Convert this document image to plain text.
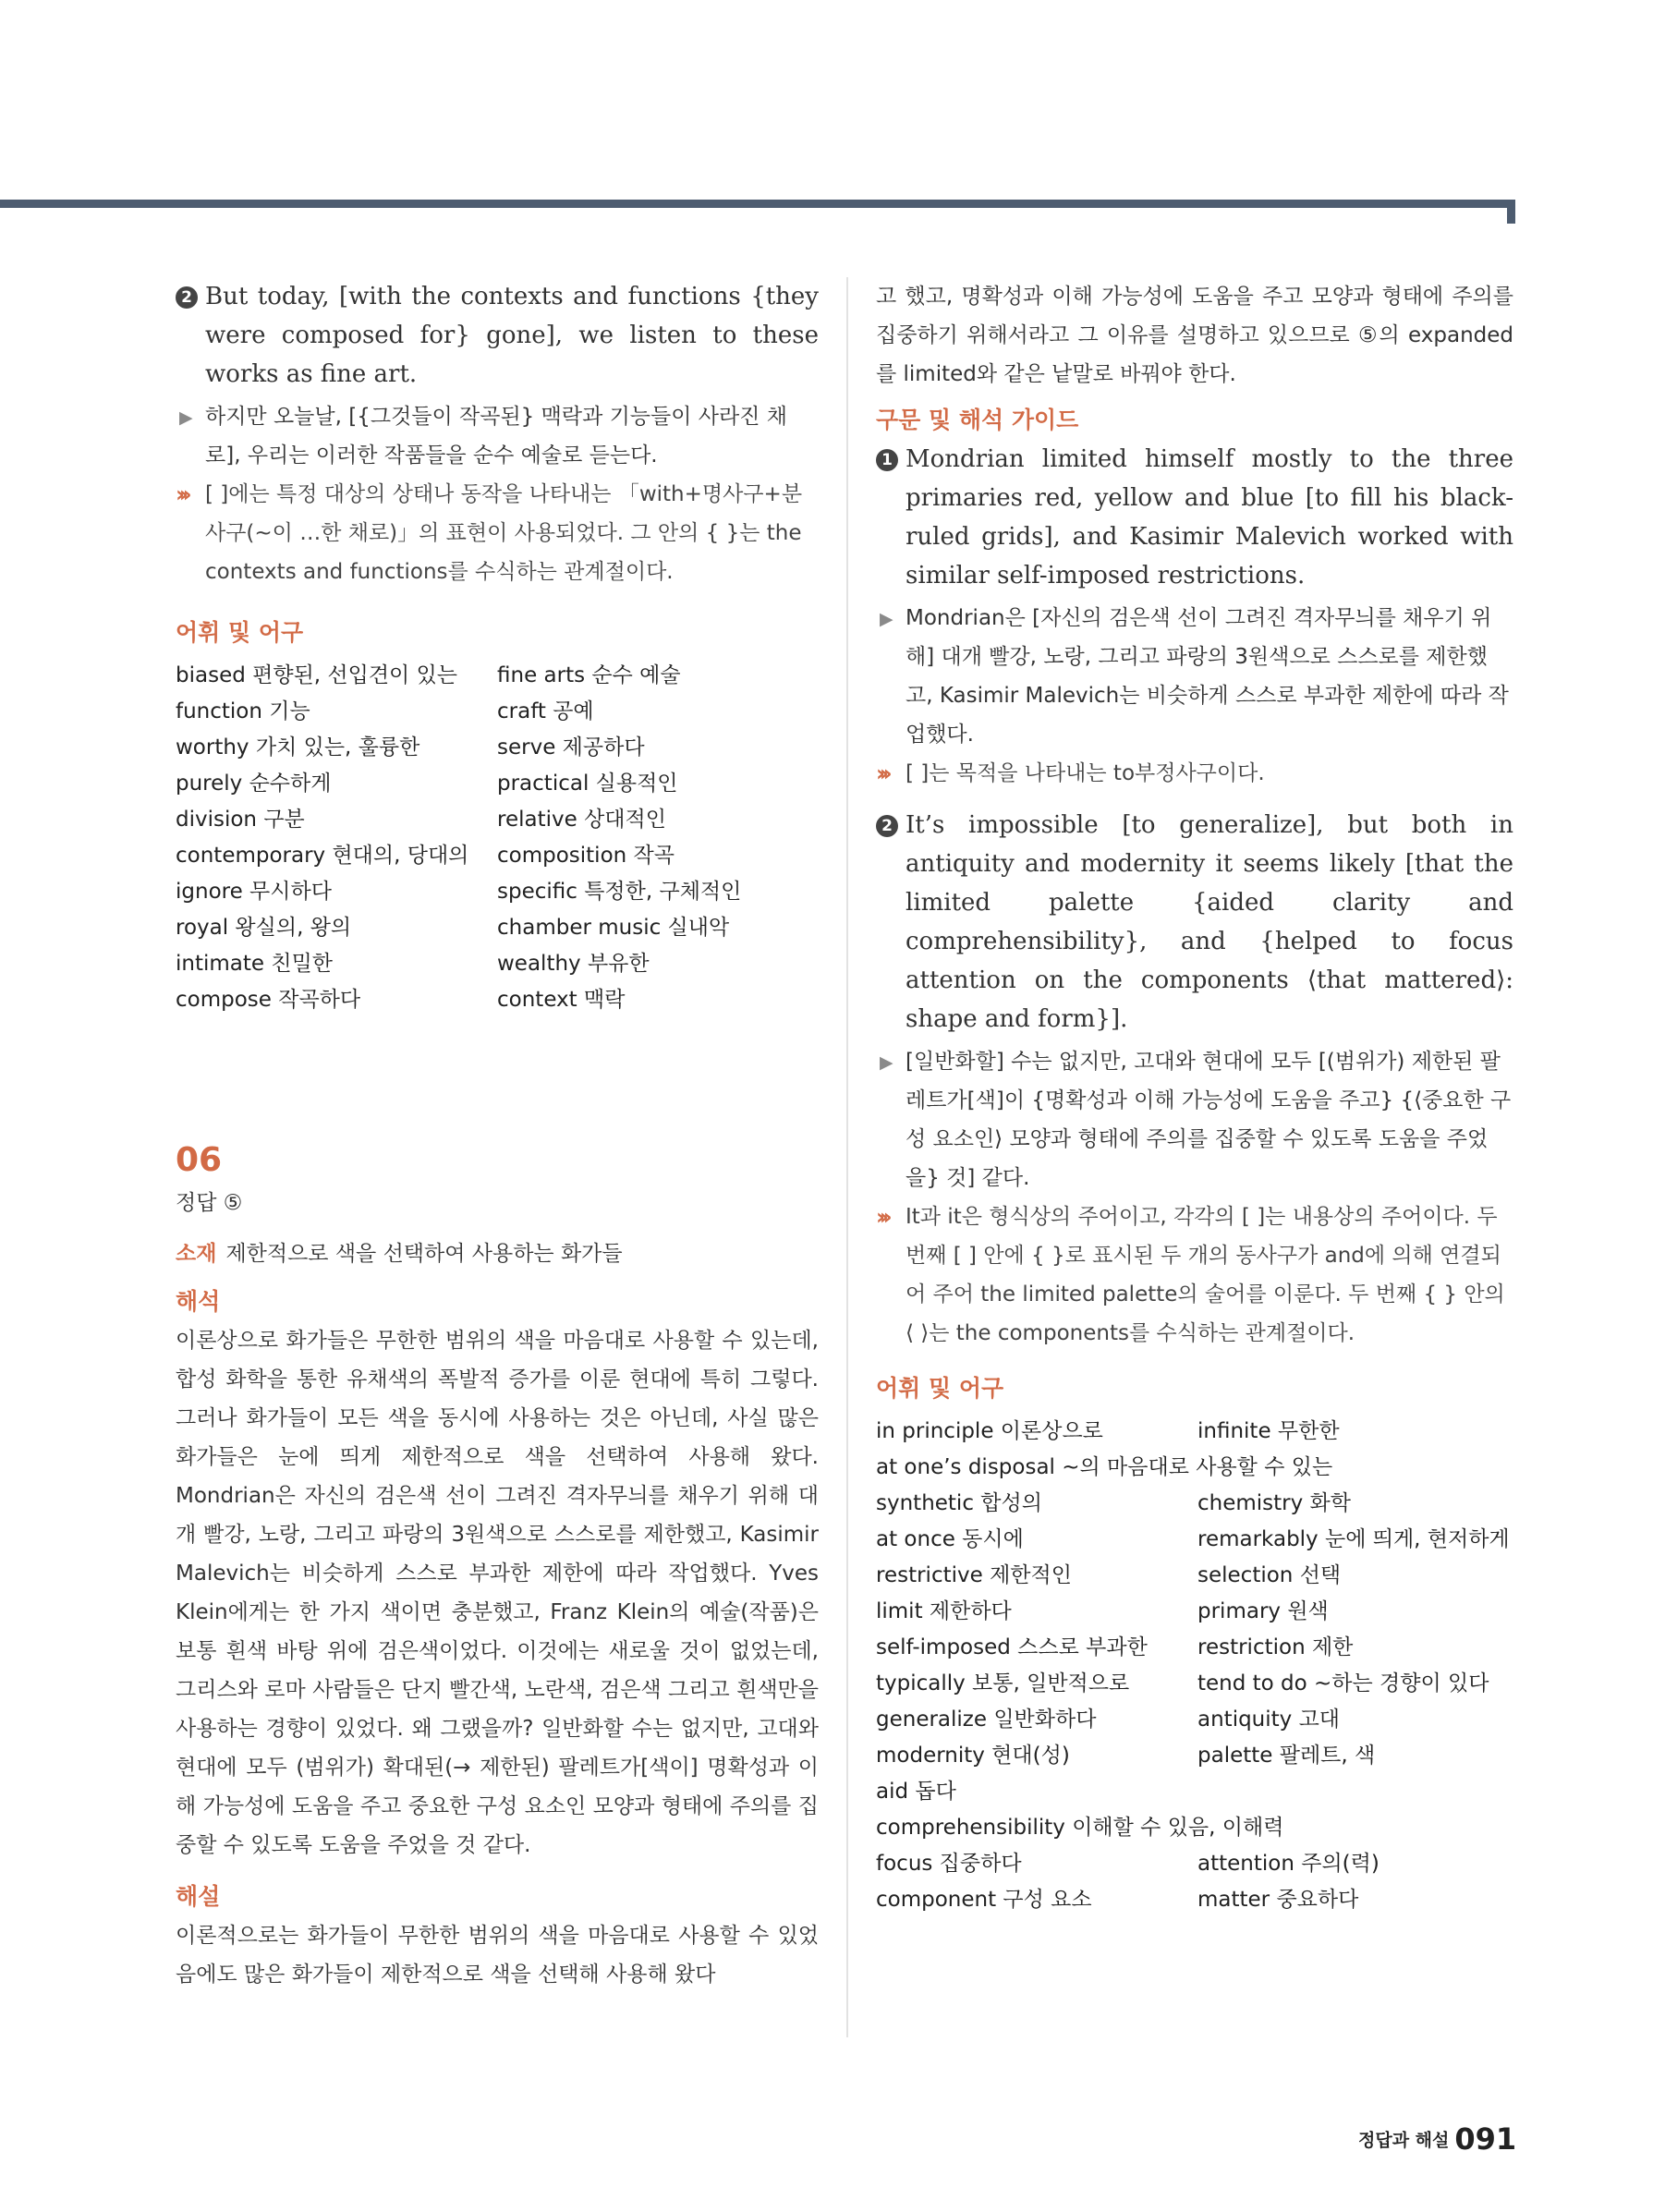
2 But today, [with the contexts and functions {they were composed for} gone], we listen to these works as fine art.

▶ 하지만 오늘날, [{그것들이 작곡된} 맥락과 기능들이 사라진 채로], 우리는 이러한 작품들을 순수 예술로 듣는다.

››› [ ]에는 특정 대상의 상태나 동작을 나타내는 「with+명사구+분사구(~이 …한 채로)」의 표현이 사용되었다. 그 안의 { }는 the contexts and functions를 수식하는 관계절이다.

어휘 및 어구

biased 편향된, 선입견이 있는	fine arts 순수 예술
function 기능	craft 공예
worthy 가치 있는, 훌륭한	serve 제공하다
purely 순수하게	practical 실용적인
division 구분	relative 상대적인
contemporary 현대의, 당대의	composition 작곡
ignore 무시하다	specific 특정한, 구체적인
royal 왕실의, 왕의	chamber music 실내악
intimate 친밀한	wealthy 부유한
compose 작곡하다	context 맥락

06

정답 ⑤

소재 제한적으로 색을 선택하여 사용하는 화가들

해석

이론상으로 화가들은 무한한 범위의 색을 마음대로 사용할 수 있는데, 합성 화학을 통한 유채색의 폭발적 증가를 이룬 현대에 특히 그렇다. 그러나 화가들이 모든 색을 동시에 사용하는 것은 아닌데, 사실 많은 화가들은 눈에 띄게 제한적으로 색을 선택하여 사용해 왔다. Mondrian은 자신의 검은색 선이 그려진 격자무늬를 채우기 위해 대개 빨강, 노랑, 그리고 파랑의 3원색으로 스스로를 제한했고, Kasimir Malevich는 비슷하게 스스로 부과한 제한에 따라 작업했다. Yves Klein에게는 한 가지 색이면 충분했고, Franz Klein의 예술(작품)은 보통 흰색 바탕 위에 검은색이었다. 이것에는 새로울 것이 없었는데, 그리스와 로마 사람들은 단지 빨간색, 노란색, 검은색 그리고 흰색만을 사용하는 경향이 있었다. 왜 그랬을까? 일반화할 수는 없지만, 고대와 현대에 모두 (범위가) 확대된(→ 제한된) 팔레트가[색이] 명확성과 이해 가능성에 도움을 주고 중요한 구성 요소인 모양과 형태에 주의를 집중할 수 있도록 도움을 주었을 것 같다.

해설

이론적으로는 화가들이 무한한 범위의 색을 마음대로 사용할 수 있었음에도 많은 화가들이 제한적으로 색을 선택해 사용해 왔다

고 했고, 명확성과 이해 가능성에 도움을 주고 모양과 형태에 주의를 집중하기 위해서라고 그 이유를 설명하고 있으므로 ⑤의 expanded를 limited와 같은 낱말로 바꿔야 한다.

구문 및 해석 가이드

1 Mondrian limited himself mostly to the three primaries red, yellow and blue [to fill his black-ruled grids], and Kasimir Malevich worked with similar self-imposed restrictions.

▶ Mondrian은 [자신의 검은색 선이 그려진 격자무늬를 채우기 위해] 대개 빨강, 노랑, 그리고 파랑의 3원색으로 스스로를 제한했고, Kasimir Malevich는 비슷하게 스스로 부과한 제한에 따라 작업했다.

››› [ ]는 목적을 나타내는 to부정사구이다.

2 It’s impossible [to generalize], but both in antiquity and modernity it seems likely [that the limited palette {aided clarity and comprehensibility}, and {helped to focus attention on the components ⟨that mattered⟩: shape and form}].

▶ [일반화할] 수는 없지만, 고대와 현대에 모두 [(범위가) 제한된 팔레트가[색]이 {명확성과 이해 가능성에 도움을 주고} {⟨중요한 구성 요소인⟩ 모양과 형태에 주의를 집중할 수 있도록 도움을 주었을} 것] 같다.

››› It과 it은 형식상의 주어이고, 각각의 [ ]는 내용상의 주어이다. 두 번째 [ ] 안에 { }로 표시된 두 개의 동사구가 and에 의해 연결되어 주어 the limited palette의 술어를 이룬다. 두 번째 { } 안의 ⟨ ⟩는 the components를 수식하는 관계절이다.

어휘 및 어구

in principle 이론상으로	infinite 무한한
at one’s disposal ~의 마음대로 사용할 수 있는
synthetic 합성의	chemistry 화학
at once 동시에	remarkably 눈에 띄게, 현저하게
restrictive 제한적인	selection 선택
limit 제한하다	primary 원색
self-imposed 스스로 부과한	restriction 제한
typically 보통, 일반적으로	tend to do ~하는 경향이 있다
generalize 일반화하다	antiquity 고대
modernity 현대(성)	palette 팔레트, 색
aid 돕다
comprehensibility 이해할 수 있음, 이해력
focus 집중하다	attention 주의(력)
component 구성 요소	matter 중요하다
정답과 해설 091
